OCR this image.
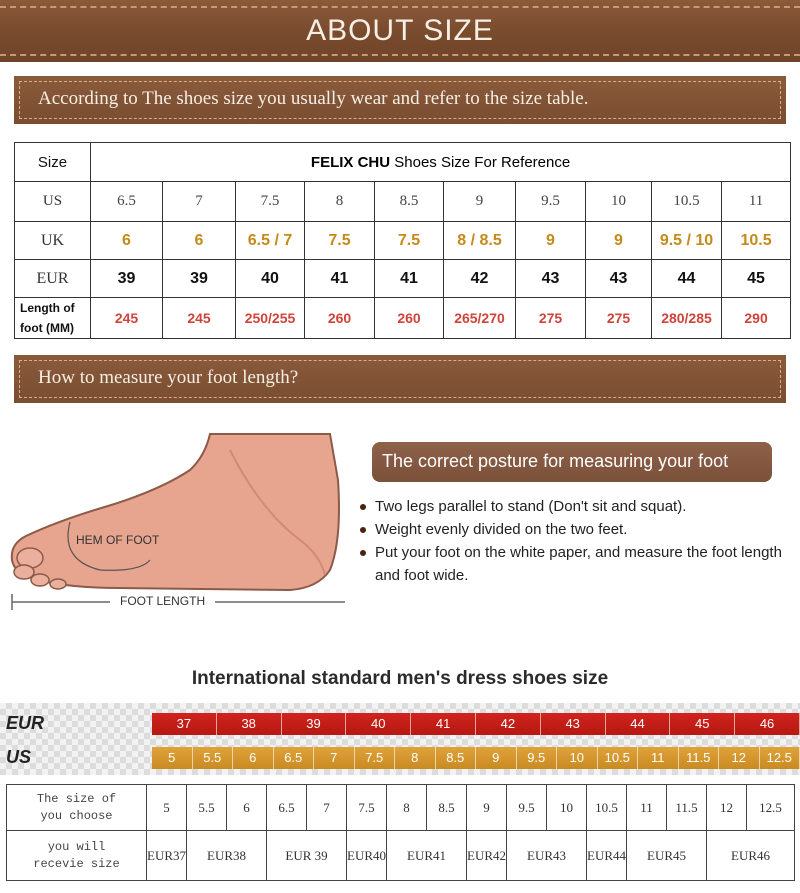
ABOUT SIZE
According to The shoes size you usually wear and refer to the size table.
Size	FELIX CHU Shoes Size For Reference									
US	6.5	7	7.5	8	8.5	9	9.5	10	10.5	11
UK	6	6	6.5 / 7	7.5	7.5	8 / 8.5	9	9	9.5 / 10	10.5
EUR	39	39	40	41	41	42	43	43	44	45

Length of
foot (MM)	245	245	250/255	260	260	265/270	275	275	280/285	290
How to measure your foot length?
HEM OF FOOT
FOOT LENGTH
The correct posture for measuring your foot
Two legs parallel to stand (Don't sit and squat).
Weight evenly divided on the two feet.
Put your foot on the white paper, and measure the foot length and foot wide.
International standard men's dress shoes size
EUR
US
37	38	39	40	41	42	43	44	45	46
5	5.5	6	6.5	7	7.5	8	8.5	9	9.5	10	10.5	11	11.5	12	12.5
The size of
you choose	5	5.5	6	6.5	7	7.5	8	8.5	9	9.5	10	10.5	11	11.5	12	12.5

you will
recevie size	EUR37	EUR38		EUR 39		EUR40	EUR41		EUR42	EUR43		EUR44	EUR45		EUR46	
